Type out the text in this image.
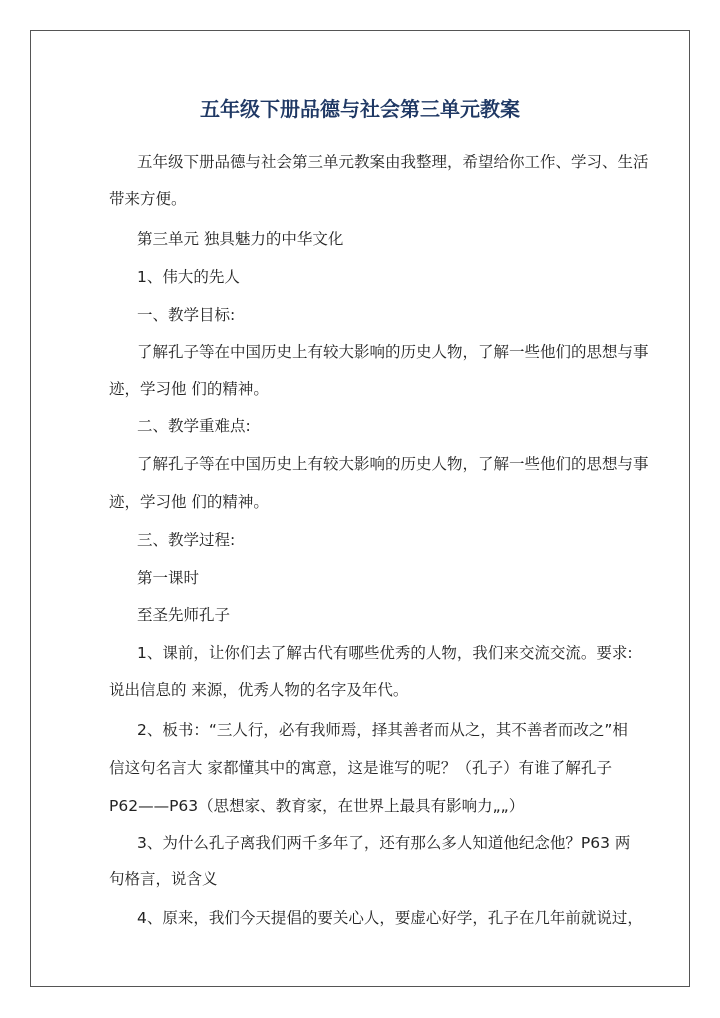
五年级下册品德与社会第三单元教案
五年级下册品德与社会第三单元教案由我整理，希望给你工作、学习、生活
带来方便。
第三单元 独具魅力的中华文化
1、伟大的先人
一、教学目标:
了解孔子等在中国历史上有较大影响的历史人物，了解一些他们的思想与事
迹，学习他 们的精神。
二、教学重难点:
了解孔子等在中国历史上有较大影响的历史人物，了解一些他们的思想与事
迹，学习他 们的精神。
三、教学过程:
第一课时
至圣先师孔子
1、课前，让你们去了解古代有哪些优秀的人物，我们来交流交流。要求:
说出信息的 来源，优秀人物的名字及年代。
2、板书：“三人行，必有我师焉，择其善者而从之，其不善者而改之”相
信这句名言大 家都懂其中的寓意，这是谁写的呢？（孔子）有谁了解孔子
P62——P63（思想家、教育家，在世界上最具有影响力„„）
3、为什么孔子离我们两千多年了，还有那么多人知道他纪念他？P63 两
句格言，说含义
4、原来，我们今天提倡的要关心人，要虚心好学，孔子在几年前就说过，
